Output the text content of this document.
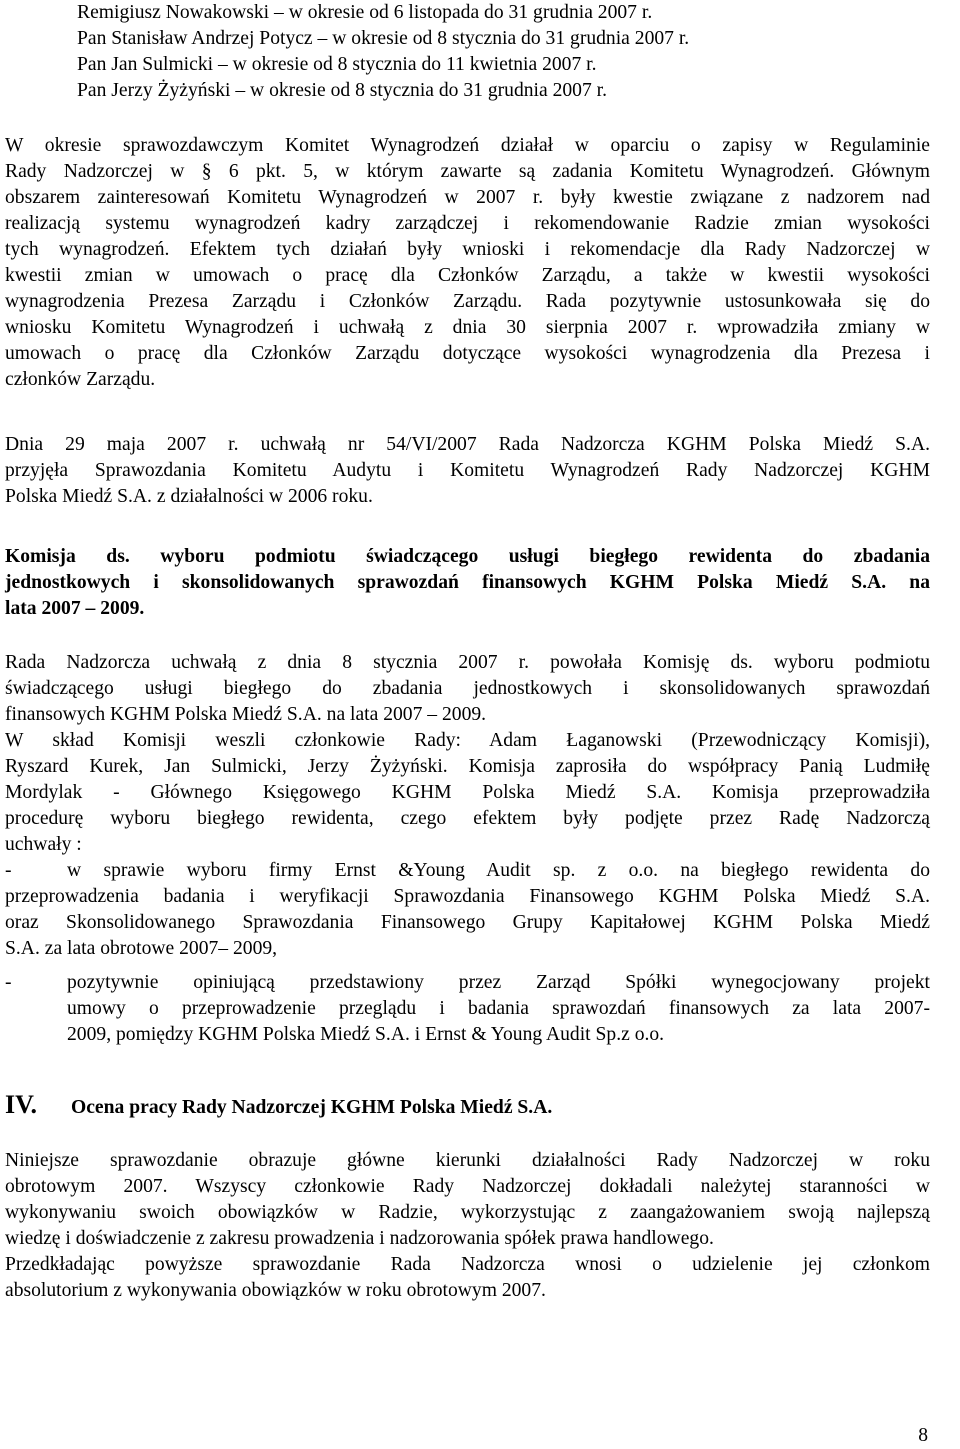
Remigiusz Nowakowski – w okresie od 6 listopada do 31 grudnia 2007 r.
Pan Stanisław Andrzej Potycz – w okresie od 8 stycznia do 31 grudnia 2007 r.
Pan Jan Sulmicki – w okresie od 8 stycznia do 11 kwietnia 2007 r.
Pan Jerzy Żyżyński – w okresie od 8 stycznia do 31 grudnia 2007 r.
W okresie sprawozdawczym Komitet Wynagrodzeń działał w oparciu o zapisy w Regulaminie
Rady Nadzorczej w § 6 pkt. 5, w którym zawarte są zadania Komitetu Wynagrodzeń. Głównym
obszarem zainteresowań Komitetu Wynagrodzeń w 2007 r. były kwestie związane z nadzorem nad
realizacją systemu wynagrodzeń kadry zarządczej i rekomendowanie Radzie zmian wysokości
tych wynagrodzeń. Efektem tych działań były wnioski i rekomendacje dla Rady Nadzorczej w
kwestii zmian w umowach o pracę dla Członków Zarządu, a także w kwestii wysokości
wynagrodzenia Prezesa Zarządu i Członków Zarządu. Rada pozytywnie ustosunkowała się do
wniosku Komitetu Wynagrodzeń i uchwałą z dnia 30 sierpnia 2007 r. wprowadziła zmiany w
umowach o pracę dla Członków Zarządu dotyczące wysokości wynagrodzenia dla Prezesa i
członków Zarządu.
Dnia 29 maja 2007 r. uchwałą nr 54/VI/2007 Rada Nadzorcza KGHM Polska Miedź S.A.
przyjęła Sprawozdania Komitetu Audytu i Komitetu Wynagrodzeń Rady Nadzorczej KGHM
Polska Miedź S.A. z działalności w 2006 roku.
Komisja ds. wyboru podmiotu świadczącego usługi biegłego rewidenta do zbadania
jednostkowych i skonsolidowanych sprawozdań finansowych KGHM Polska Miedź S.A. na
lata 2007 – 2009.
Rada Nadzorcza uchwałą z dnia 8 stycznia 2007 r. powołała Komisję ds. wyboru podmiotu
świadczącego usługi biegłego do zbadania jednostkowych i skonsolidowanych sprawozdań
finansowych KGHM Polska Miedź S.A. na lata 2007 – 2009.
W skład Komisji weszli członkowie Rady: Adam Łaganowski (Przewodniczący Komisji),
Ryszard Kurek, Jan Sulmicki, Jerzy Żyżyński. Komisja zaprosiła do współpracy Panią Ludmiłę
Mordylak - Głównego Księgowego KGHM Polska Miedź S.A. Komisja przeprowadziła
procedurę wyboru biegłego rewidenta, czego efektem były podjęte przez Radę Nadzorczą
uchwały :
-	w sprawie wyboru firmy Ernst &Young Audit sp. z o.o. na biegłego rewidenta do
przeprowadzenia badania i weryfikacji Sprawozdania Finansowego KGHM Polska Miedź S.A.
oraz Skonsolidowanego Sprawozdania Finansowego Grupy Kapitałowej KGHM Polska Miedź
S.A. za lata obrotowe 2007– 2009,
-	pozytywnie opiniującą przedstawiony przez Zarząd Spółki wynegocjowany projekt
umowy o przeprowadzenie przeglądu i badania sprawozdań finansowych za lata 2007-
2009, pomiędzy KGHM Polska Miedź S.A. i Ernst & Young Audit Sp.z o.o.
IV.	Ocena pracy Rady Nadzorczej KGHM Polska Miedź S.A.
Niniejsze sprawozdanie obrazuje główne kierunki działalności Rady Nadzorczej w roku
obrotowym 2007. Wszyscy członkowie Rady Nadzorczej dokładali należytej staranności w
wykonywaniu swoich obowiązków w Radzie, wykorzystując z zaangażowaniem swoją najlepszą
wiedzę i doświadczenie z zakresu prowadzenia i nadzorowania spółek prawa handlowego.
Przedkładając powyższe sprawozdanie Rada Nadzorcza wnosi o udzielenie jej członkom
absolutorium z wykonywania obowiązków w roku obrotowym 2007.
8
